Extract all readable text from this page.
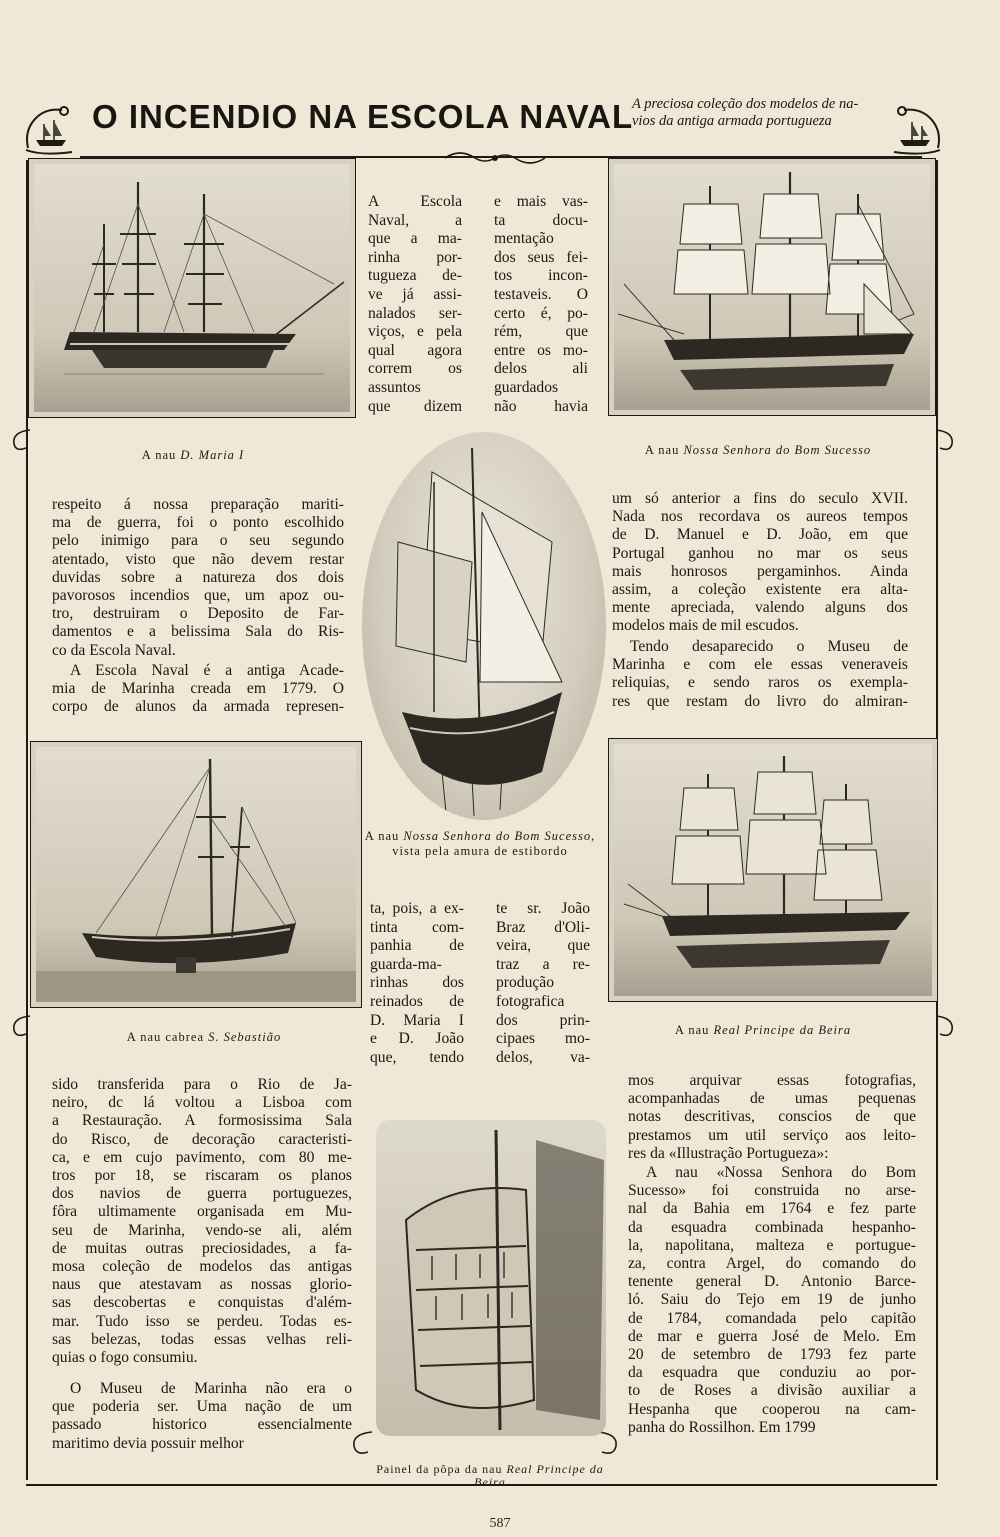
O INCENDIO NA ESCOLA NAVAL
A preciosa coleção dos modelos de na-
vios da antiga armada portugueza
A nau D. Maria I	A nau Nossa Senhora do Bom Sucesso
A nau Nossa Senhora do Bom Sucesso, vista pela amura de estibordo
A nau cabrea S. Sebastião	A nau Real Principe da Beira
Painel da pôpa da nau Real Principe da Beira
A Escola
Naval, a
que a ma-
rinha por-
tugueza de-
ve já assi-
nalados ser-
viços, e pela
qual agora
correm os
assuntos
que dizem
e mais vas-
ta docu-
mentação
dos seus fei-
tos incon-
testaveis. O
certo é, po-
rém, que
entre os mo-
delos ali
guardados
não havia
respeito á nossa preparação mariti-
ma de guerra, foi o ponto escolhido
pelo inimigo para o seu segundo
atentado, visto que não devem restar
duvidas sobre a natureza dos dois
pavorosos incendios que, um apoz ou-
tro, destruiram o Deposito de Far-
damentos e a belissima Sala do Ris-
co da Escola Naval.
A Escola Naval é a antiga Acade-
mia de Marinha creada em 1779. O
corpo de alunos da armada represen-
um só anterior a fins do seculo XVII.
Nada nos recordava os aureos tempos
de D. Manuel e D. João, em que
Portugal ganhou no mar os seus
mais honrosos pergaminhos. Ainda
assim, a coleção existente era alta-
mente apreciada, valendo alguns dos
modelos mais de mil escudos.
Tendo desaparecido o Museu de
Marinha e com ele essas veneraveis
reliquias, e sendo raros os exempla-
res que restam do livro do almiran-
ta, pois, a ex-
tinta com-
panhia de
guarda-ma-
rinhas dos
reinados de
D. Maria I
e D. João
que, tendo
te sr. João
Braz d'Oli-
veira, que
traz a re-
produção
fotografica
dos prin-
cipaes mo-
delos, va-
sido transferida para o Rio de Ja-
neiro, dc lá voltou a Lisboa com
a Restauração. A formosissima Sala
do Risco, de decoração caracteristi-
ca, e em cujo pavimento, com 80 me-
tros por 18, se riscaram os planos
dos navios de guerra portuguezes,
fôra ultimamente organisada em Mu-
seu de Marinha, vendo-se ali, além
de muitas outras preciosidades, a fa-
mosa coleção de modelos das antigas
naus que atestavam as nossas glorio-
sas descobertas e conquistas d'além-
mar. Tudo isso se perdeu. Todas es-
sas belezas, todas essas velhas reli-
quias o fogo consumiu.
O Museu de Marinha não era o
que poderia ser. Uma nação de um
passado historico essencialmente
maritimo devia possuir melhor
mos arquivar essas fotografias,
acompanhadas de umas pequenas
notas descritivas, conscios de que
prestamos um util serviço aos leito-
res da «Illustração Portugueza»:
A nau «Nossa Senhora do Bom
Sucesso» foi construida no arse-
nal da Bahia em 1764 e fez parte
da esquadra combinada hespanho-
la, napolitana, malteza e portugue-
za, contra Argel, do comando do
tenente general D. Antonio Barce-
ló. Saiu do Tejo em 19 de junho
de 1784, comandada pelo capitão
de mar e guerra José de Melo. Em
20 de setembro de 1793 fez parte
da esquadra que conduziu ao por-
to de Roses a divisão auxiliar a
Hespanha que cooperou na cam-
panha do Rossilhon. Em 1799
587
